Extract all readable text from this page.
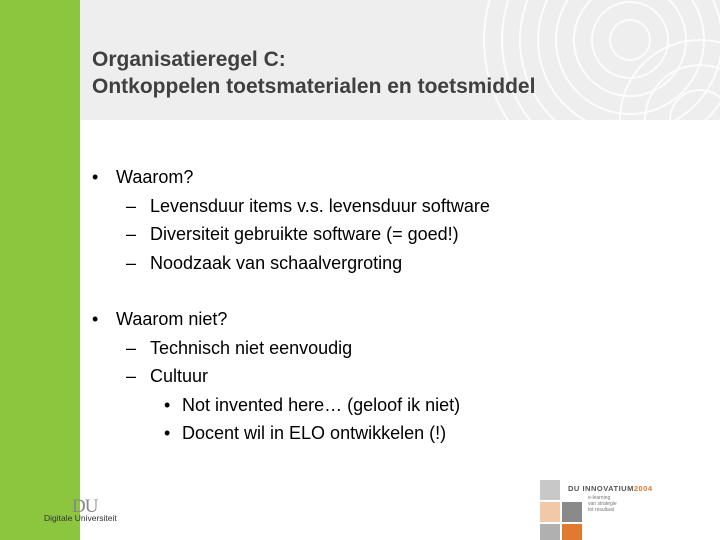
Organisatieregel C:
Ontkoppelen toetsmaterialen en toetsmiddel
• Waarom?
– Levensduur items v.s. levensduur software
– Diversiteit gebruikte software (= goed!)
– Noodzaak van schaalvergroting
• Waarom niet?
– Technisch niet eenvoudig
– Cultuur
• Not invented here… (geloof ik niet)
• Docent wil in ELO ontwikkelen (!)
DU
Digitale Universiteit
DU INNOVATIUM2004
e-learning
van strategie
tot resultaat
